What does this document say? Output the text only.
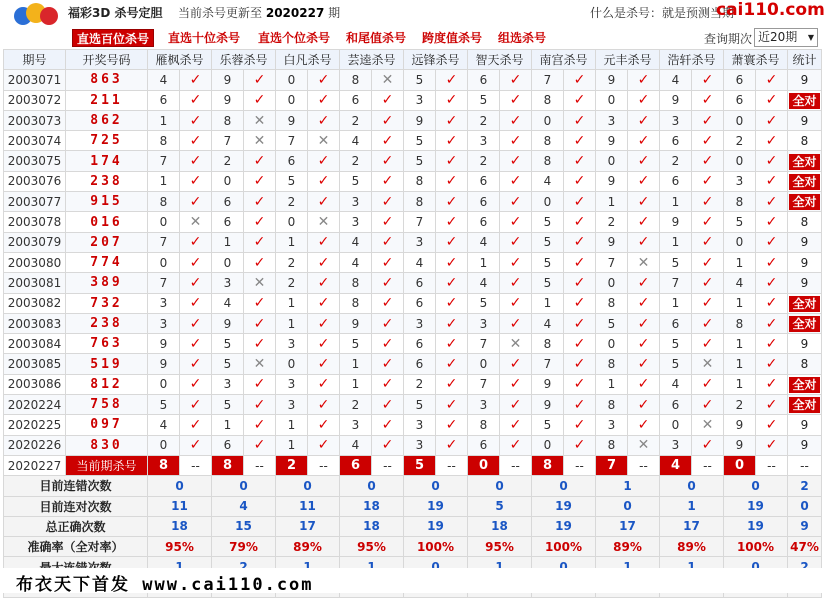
福彩3D 杀号定胆 当前杀号更新至 2020227 期	什么是杀号：就是预测当期
cai110.com
直选百位杀号	直选十位杀号 直选个位杀号 和尾值杀号 跨度值杀号 组选杀号	查询期次 近20期 ▼
期号	开奖号码	雁枫杀号		乐蓉杀号		白凡杀号		芸逵杀号		远锋杀号		智天杀号		南宫杀号		元丰杀号		浩轩杀号		萧寰杀号		统计
2003071	863	4	✓	9	✓	0	✓	8	✕	5	✓	6	✓	7	✓	9	✓	4	✓	6	✓	9
2003072	211	6	✓	9	✓	0	✓	6	✓	3	✓	5	✓	8	✓	0	✓	9	✓	6	✓	全对
2003073	862	1	✓	8	✕	9	✓	2	✓	9	✓	2	✓	0	✓	3	✓	3	✓	0	✓	9
2003074	725	8	✓	7	✕	7	✕	4	✓	5	✓	3	✓	8	✓	9	✓	6	✓	2	✓	8
2003075	174	7	✓	2	✓	6	✓	2	✓	5	✓	2	✓	8	✓	0	✓	2	✓	0	✓	全对
2003076	238	1	✓	0	✓	5	✓	5	✓	8	✓	6	✓	4	✓	9	✓	6	✓	3	✓	全对
2003077	915	8	✓	6	✓	2	✓	3	✓	8	✓	6	✓	0	✓	1	✓	1	✓	8	✓	全对
2003078	016	0	✕	6	✓	0	✕	3	✓	7	✓	6	✓	5	✓	2	✓	9	✓	5	✓	8
2003079	207	7	✓	1	✓	1	✓	4	✓	3	✓	4	✓	5	✓	9	✓	1	✓	0	✓	9
2003080	774	0	✓	0	✓	2	✓	4	✓	4	✓	1	✓	5	✓	7	✕	5	✓	1	✓	9
2003081	389	7	✓	3	✕	2	✓	8	✓	6	✓	4	✓	5	✓	0	✓	7	✓	4	✓	9
2003082	732	3	✓	4	✓	1	✓	8	✓	6	✓	5	✓	1	✓	8	✓	1	✓	1	✓	全对
2003083	238	3	✓	9	✓	1	✓	9	✓	3	✓	3	✓	4	✓	5	✓	6	✓	8	✓	全对
2003084	763	9	✓	5	✓	3	✓	5	✓	6	✓	7	✕	8	✓	0	✓	5	✓	1	✓	9
2003085	519	9	✓	5	✕	0	✓	1	✓	6	✓	0	✓	7	✓	8	✓	5	✕	1	✓	8
2003086	812	0	✓	3	✓	3	✓	1	✓	2	✓	7	✓	9	✓	1	✓	4	✓	1	✓	全对
2020224	758	5	✓	5	✓	3	✓	2	✓	5	✓	3	✓	9	✓	8	✓	6	✓	2	✓	全对
2020225	097	4	✓	1	✓	1	✓	3	✓	3	✓	8	✓	5	✓	3	✓	0	✕	9	✓	9
2020226	830	0	✓	6	✓	1	✓	4	✓	3	✓	6	✓	0	✓	8	✕	3	✓	9	✓	9
2020227	当前期杀号	8	--	8	--	2	--	6	--	5	--	0	--	8	--	7	--	4	--	0	--	--
目前连错次数		0		0		0		0		0		0		0		1		0		0		2
目前连对次数		11		4		11		18		19		5		19		0		1		19		0
总正确次数		18		15		17		18		19		18		19		17		17		19		9
准确率（全对率）		95%		79%		89%		95%		100%		95%		100%		89%		89%		100%		47%

布衣天下首发 www.cai110.com
